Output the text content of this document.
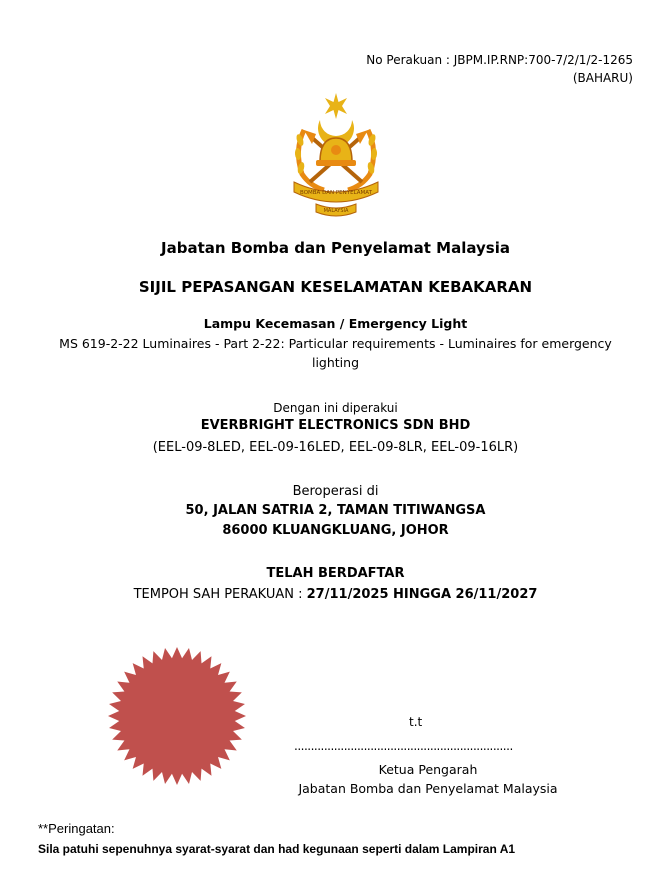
No Perakuan : JBPM.IP.RNP:700-7/2/1/2-1265
(BAHARU)
BOMBA DAN PENYELAMAT
MALAYSIA
Jabatan Bomba dan Penyelamat Malaysia
SIJIL PEPASANGAN KESELAMATAN KEBAKARAN
Lampu Kecemasan / Emergency Light
MS 619-2-22 Luminaires - Part 2-22: Particular requirements - Luminaires for emergency lighting
Dengan ini diperakui
EVERBRIGHT ELECTRONICS SDN BHD
(EEL-09-8LED, EEL-09-16LED, EEL-09-8LR, EEL-09-16LR)
Beroperasi di
50, JALAN SATRIA 2, TAMAN TITIWANGSA
86000 KLUANGKLUANG, JOHOR
TELAH BERDAFTAR
TEMPOH SAH PERAKUAN : 27/11/2025 HINGGA 26/11/2027
t.t
..................................................................
Ketua Pengarah
Jabatan Bomba dan Penyelamat Malaysia
**Peringatan:
Sila patuhi sepenuhnya syarat-syarat dan had kegunaan seperti dalam Lampiran A1
